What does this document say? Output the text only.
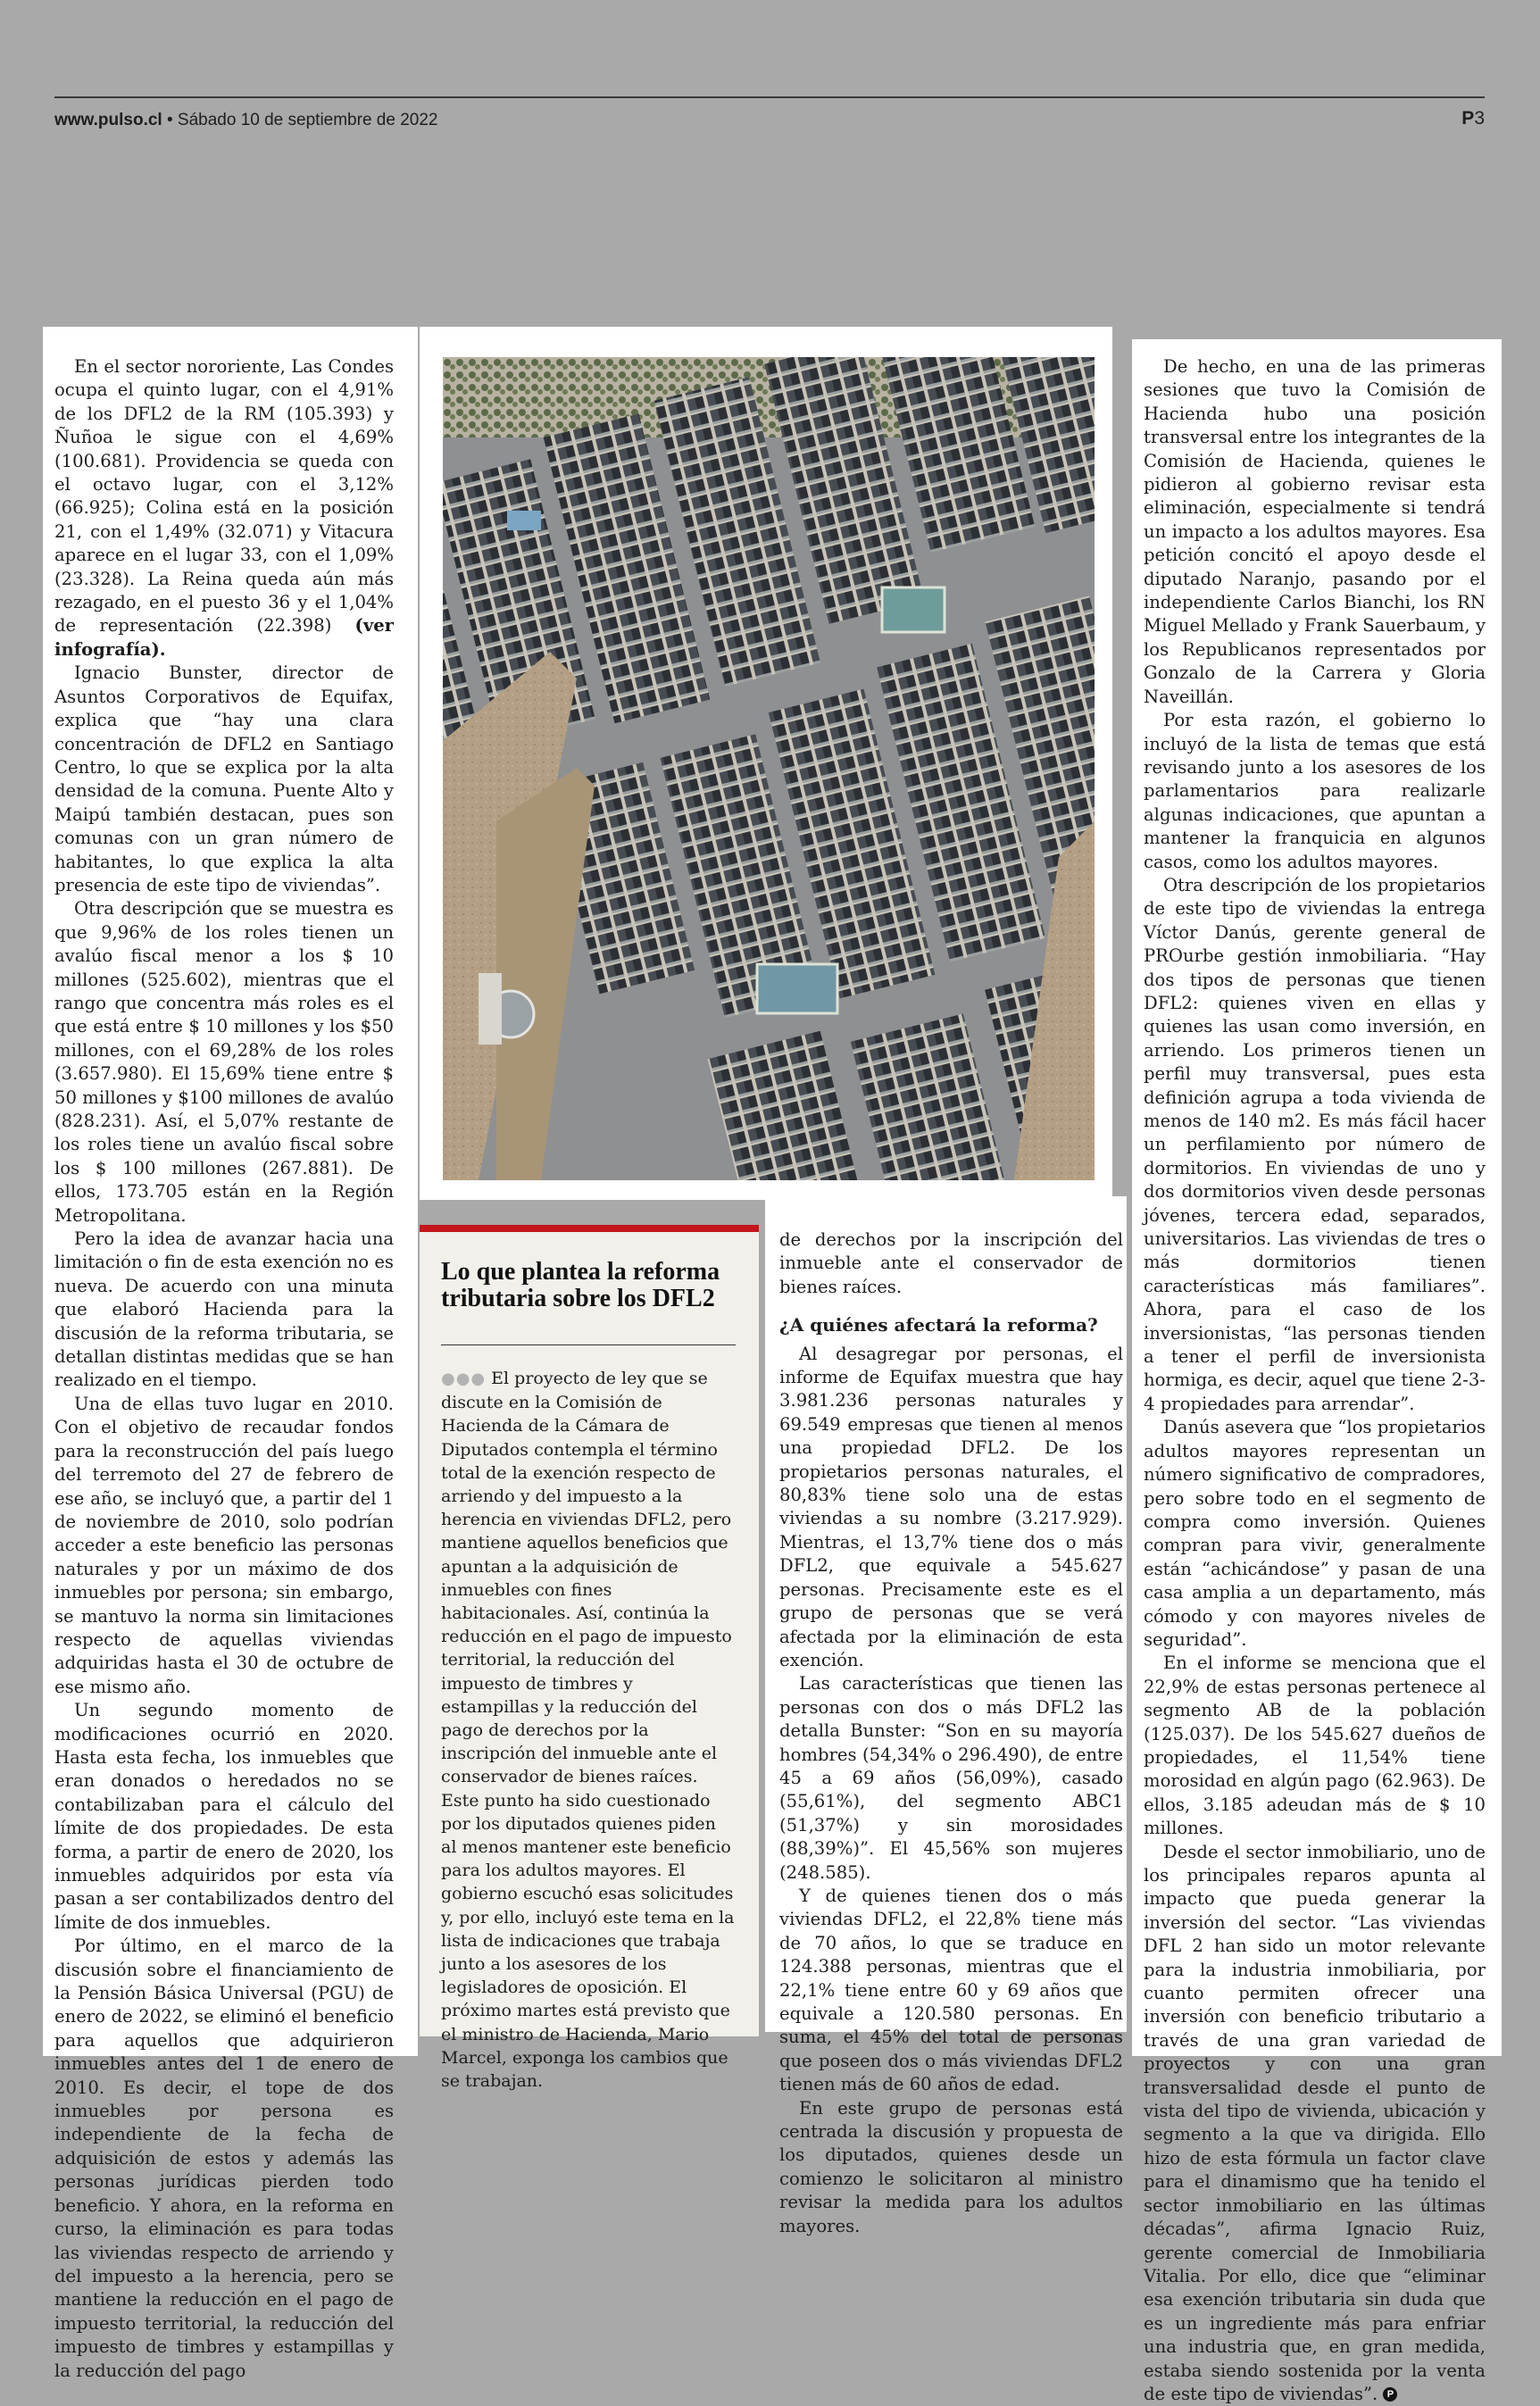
www.pulso.cl • Sábado 10 de septiembre de 2022	P3

En el sector nororiente, Las Condes ocupa el quinto lugar, con el 4,91% de los DFL2 de la RM (105.393) y Ñuñoa le sigue con el 4,69% (100.681). Providencia se queda con el octavo lugar, con el 3,12% (66.925); Colina está en la posición 21, con el 1,49% (32.071) y Vitacura aparece en el lugar 33, con el 1,09% (23.328). La Reina queda aún más rezagado, en el puesto 36 y el 1,04% de representación (22.398) (ver infografía).

Ignacio Bunster, director de Asuntos Corporativos de Equifax, explica que “hay una clara concentración de DFL2 en Santiago Centro, lo que se explica por la alta densidad de la comuna. Puente Alto y Maipú también destacan, pues son comunas con un gran número de habitantes, lo que explica la alta presencia de este tipo de viviendas”.

Otra descripción que se muestra es que 9,96% de los roles tienen un avalúo fiscal menor a los $ 10 millones (525.602), mientras que el rango que concentra más roles es el que está entre $ 10 millones y los $50 millones, con el 69,28% de los roles (3.657.980). El 15,69% tiene entre $ 50 millones y $100 millones de avalúo (828.231). Así, el 5,07% restante de los roles tiene un avalúo fiscal sobre los $ 100 millones (267.881). De ellos, 173.705 están en la Región Metropolitana.

Pero la idea de avanzar hacia una limitación o fin de esta exención no es nueva. De acuerdo con una minuta que elaboró Hacienda para la discusión de la reforma tributaria, se detallan distintas medidas que se han realizado en el tiempo.

Una de ellas tuvo lugar en 2010. Con el objetivo de recaudar fondos para la reconstrucción del país luego del terremoto del 27 de febrero de ese año, se incluyó que, a partir del 1 de noviembre de 2010, solo podrían acceder a este beneficio las personas naturales y por un máximo de dos inmuebles por persona; sin embargo, se mantuvo la norma sin limitaciones respecto de aquellas viviendas adquiridas hasta el 30 de octubre de ese mismo año.

Un segundo momento de modificaciones ocurrió en 2020. Hasta esta fecha, los inmuebles que eran donados o heredados no se contabilizaban para el cálculo del límite de dos propiedades. De esta forma, a partir de enero de 2020, los inmuebles adquiridos por esta vía pasan a ser contabilizados dentro del límite de dos inmuebles.

Por último, en el marco de la discusión sobre el financiamiento de la Pensión Básica Universal (PGU) de enero de 2022, se eliminó el beneficio para aquellos que adquirieron inmuebles antes del 1 de enero de 2010. Es decir, el tope de dos inmuebles por persona es independiente de la fecha de adquisición de estos y además las personas jurídicas pierden todo beneficio. Y ahora, en la reforma en curso, la eliminación es para todas las viviendas respecto de arriendo y del impuesto a la herencia, pero se mantiene la reducción en el pago de impuesto territorial, la reducción del impuesto de timbres y estampillas y la reducción del pago

Lo que plantea la reforma tributaria sobre los DFL2
●●● El proyecto de ley que se discute en la Comisión de Hacienda de la Cámara de Diputados contempla el término total de la exención respecto de arriendo y del impuesto a la herencia en viviendas DFL2, pero mantiene aquellos beneficios que apuntan a la adquisición de inmuebles con fines habitacionales. Así, continúa la reducción en el pago de impuesto territorial, la reducción del impuesto de timbres y estampillas y la reducción del pago de derechos por la inscripción del inmueble ante el conservador de bienes raíces. Este punto ha sido cuestionado por los diputados quienes piden al menos mantener este beneficio para los adultos mayores. El gobierno escuchó esas solicitudes y, por ello, incluyó este tema en la lista de indicaciones que trabaja junto a los asesores de los legisladores de oposición. El próximo martes está previsto que el ministro de Hacienda, Mario Marcel, exponga los cambios que se trabajan.

de derechos por la inscripción del inmueble ante el conservador de bienes raíces.

¿A quiénes afectará la reforma?

Al desagregar por personas, el informe de Equifax muestra que hay 3.981.236 personas naturales y 69.549 empresas que tienen al menos una propiedad DFL2. De los propietarios personas naturales, el 80,83% tiene solo una de estas viviendas a su nombre (3.217.929). Mientras, el 13,7% tiene dos o más DFL2, que equivale a 545.627 personas. Precisamente este es el grupo de personas que se verá afectada por la eliminación de esta exención.

Las características que tienen las personas con dos o más DFL2 las detalla Bunster: “Son en su mayoría hombres (54,34% o 296.490), de entre 45 a 69 años (56,09%), casado (55,61%), del segmento ABC1 (51,37%) y sin morosidades (88,39%)”. El 45,56% son mujeres (248.585).

Y de quienes tienen dos o más viviendas DFL2, el 22,8% tiene más de 70 años, lo que se traduce en 124.388 personas, mientras que el 22,1% tiene entre 60 y 69 años que equivale a 120.580 personas. En suma, el 45% del total de personas que poseen dos o más viviendas DFL2 tienen más de 60 años de edad.

En este grupo de personas está centrada la discusión y propuesta de los diputados, quienes desde un comienzo le solicitaron al ministro revisar la medida para los adultos mayores.

De hecho, en una de las primeras sesiones que tuvo la Comisión de Hacienda hubo una posición transversal entre los integrantes de la Comisión de Hacienda, quienes le pidieron al gobierno revisar esta eliminación, especialmente si tendrá un impacto a los adultos mayores. Esa petición concitó el apoyo desde el diputado Naranjo, pasando por el independiente Carlos Bianchi, los RN Miguel Mellado y Frank Sauerbaum, y los Republicanos representados por Gonzalo de la Carrera y Gloria Naveillán.

Por esta razón, el gobierno lo incluyó de la lista de temas que está revisando junto a los asesores de los parlamentarios para realizarle algunas indicaciones, que apuntan a mantener la franquicia en algunos casos, como los adultos mayores.

Otra descripción de los propietarios de este tipo de viviendas la entrega Víctor Danús, gerente general de PROurbe gestión inmobiliaria. “Hay dos tipos de personas que tienen DFL2: quienes viven en ellas y quienes las usan como inversión, en arriendo. Los primeros tienen un perfil muy transversal, pues esta definición agrupa a toda vivienda de menos de 140 m2. Es más fácil hacer un perfilamiento por número de dormitorios. En viviendas de uno y dos dormitorios viven desde personas jóvenes, tercera edad, separados, universitarios. Las viviendas de tres o más dormitorios tienen características más familiares”. Ahora, para el caso de los inversionistas, “las personas tienden a tener el perfil de inversionista hormiga, es decir, aquel que tiene 2-3-4 propiedades para arrendar”.

Danús asevera que “los propietarios adultos mayores representan un número significativo de compradores, pero sobre todo en el segmento de compra como inversión. Quienes compran para vivir, generalmente están “achicándose” y pasan de una casa amplia a un departamento, más cómodo y con mayores niveles de seguridad”.

En el informe se menciona que el 22,9% de estas personas pertenece al segmento AB de la población (125.037). De los 545.627 dueños de propiedades, el 11,54% tiene morosidad en algún pago (62.963). De ellos, 3.185 adeudan más de $ 10 millones.

Desde el sector inmobiliario, uno de los principales reparos apunta al impacto que pueda generar la inversión del sector. “Las viviendas DFL 2 han sido un motor relevante para la industria inmobiliaria, por cuanto permiten ofrecer una inversión con beneficio tributario a través de una gran variedad de proyectos y con una gran transversalidad desde el punto de vista del tipo de vivienda, ubicación y segmento a la que va dirigida. Ello hizo de esta fórmula un factor clave para el dinamismo que ha tenido el sector inmobiliario en las últimas décadas”, afirma Ignacio Ruiz, gerente comercial de Inmobiliaria Vitalia. Por ello, dice que “eliminar esa exención tributaria sin duda que es un ingrediente más para enfriar una industria que, en gran medida, estaba siendo sostenida por la venta de este tipo de viviendas”. P
